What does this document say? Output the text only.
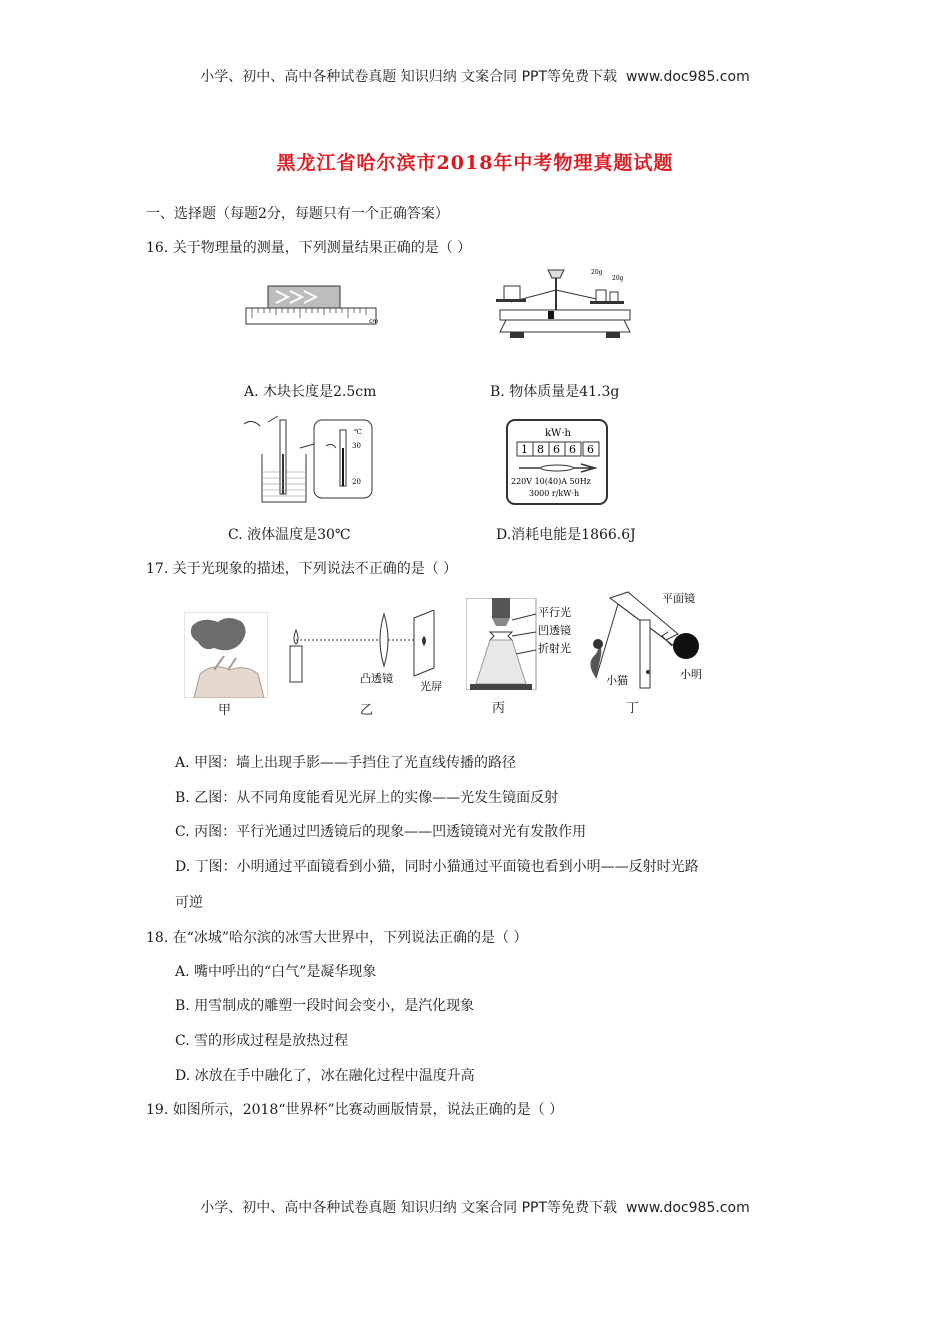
小学、初中、高中各种试卷真题 知识归纳 文案合同 PPT等免费下载 www.doc985.com
黑龙江省哈尔滨市2018年中考物理真题试题
一、选择题（每题2分，每题只有一个正确答案）
16. 关于物理量的测量，下列测量结果正确的是（ ）
cm
20g
20g
A. 木块长度是2.5cm	B. 物体质量是41.3g
℃
30
20
kW·h
1 8 6 6 6
220V 10(40)A 50Hz
3000 r/kW·h
C. 液体温度是30℃	D.消耗电能是1866.6J
17. 关于光现象的描述，下列说法不正确的是（ ）
甲
凸透镜
光屏
乙
平行光
凹透镜
折射光
丙
平面镜
小猫	小明
丁
A. 甲图：墙上出现手影——手挡住了光直线传播的路径
B. 乙图：从不同角度能看见光屏上的实像——光发生镜面反射
C. 丙图：平行光通过凹透镜后的现象——凹透镜镜对光有发散作用
D. 丁图：小明通过平面镜看到小猫，同时小猫通过平面镜也看到小明——反射时光路
可逆
18. 在“冰城”哈尔滨的冰雪大世界中，下列说法正确的是（ ）
A. 嘴中呼出的“白气”是凝华现象
B. 用雪制成的雕塑一段时间会变小，是汽化现象
C. 雪的形成过程是放热过程
D. 冰放在手中融化了，冰在融化过程中温度升高
19. 如图所示，2018“世界杯”比赛动画版情景，说法正确的是（ ）
小学、初中、高中各种试卷真题 知识归纳 文案合同 PPT等免费下载 www.doc985.com
